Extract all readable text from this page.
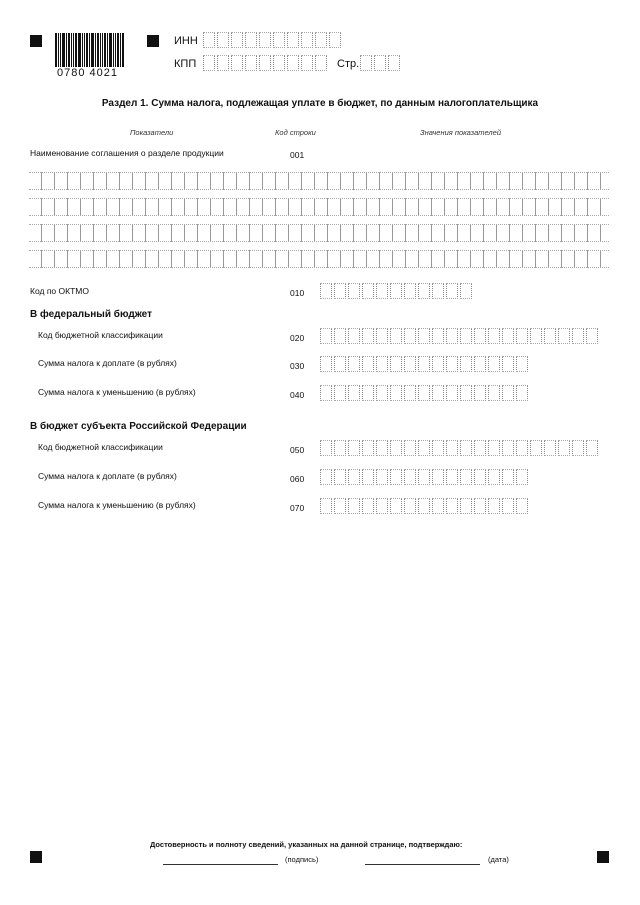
0780 4021
ИНН
КПП	Стр.
Раздел 1. Сумма налога, подлежащая уплате в бюджет, по данным налогоплательщика
Показатели	Код строки	Значения показателей
Наименование соглашения о разделе продукции	001
Код по ОКТМО	010
В федеральный бюджет
Код бюджетной классификации	020
Сумма налога к доплате (в рублях)	030
Сумма налога к уменьшению (в рублях)	040
В бюджет субъекта Российской Федерации
Код бюджетной классификации	050
Сумма налога к доплате (в рублях)	060
Сумма налога к уменьшению (в рублях)	070
Достоверность и полноту сведений, указанных на данной странице, подтверждаю:
(подпись)	(дата)
